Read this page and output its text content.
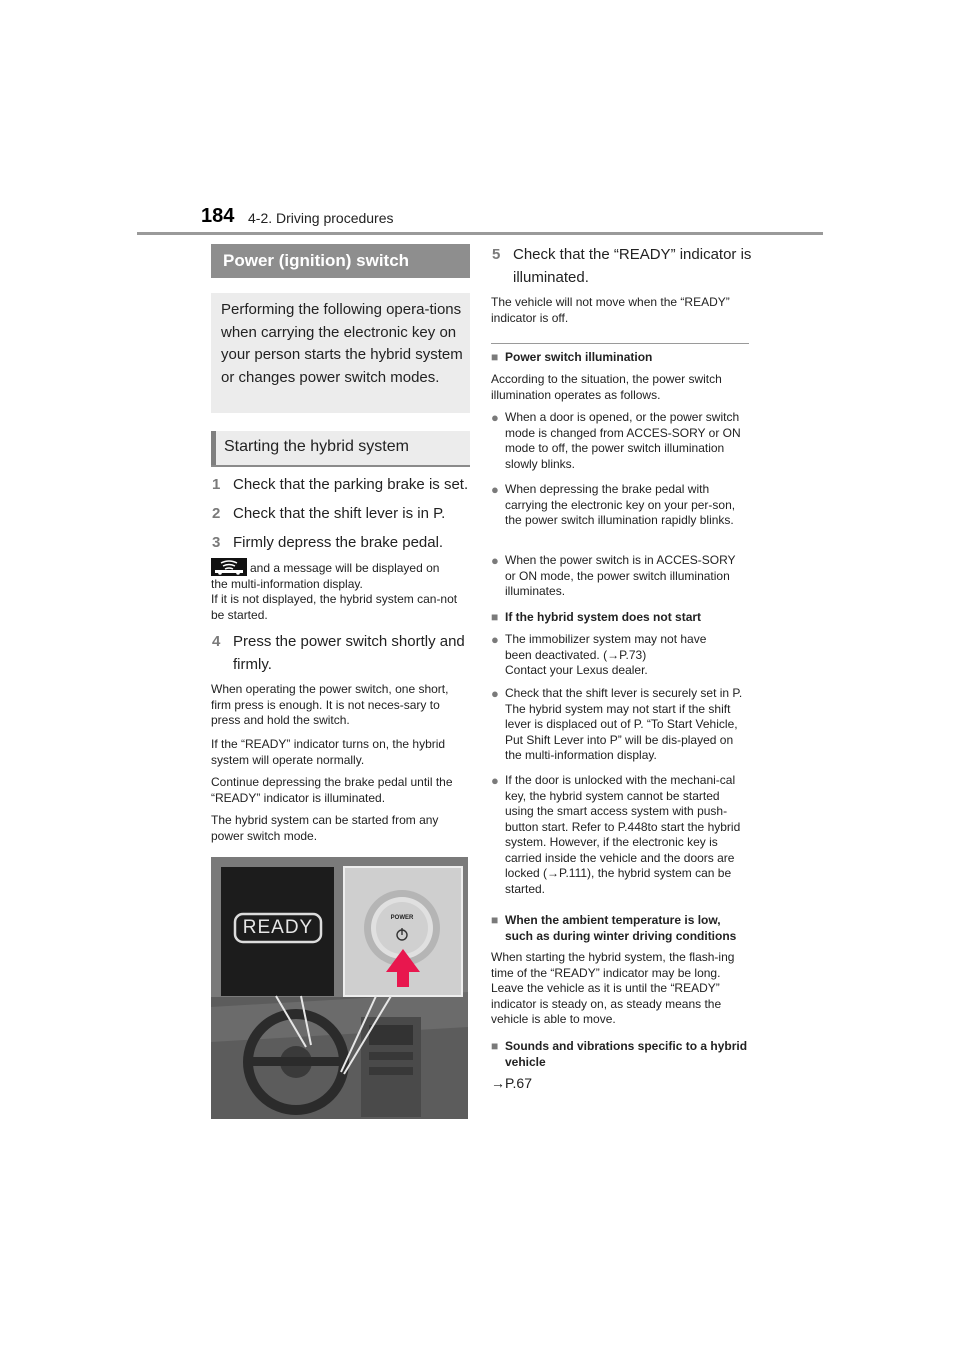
184 4-2. Driving procedures
Power (ignition) switch

Performing the following opera-tions when carrying the electronic key on your person starts the hybrid system or changes power switch modes.

Starting the hybrid system
1 Check that the parking brake is set.
2 Check that the shift lever is in P.
3 Firmly depress the brake pedal.
and a message will be displayed on
the multi-information display.
If it is not displayed, the hybrid system can-not be started.
4 Press the power switch shortly and firmly.
When operating the power switch, one short, firm press is enough. It is not neces-sary to press and hold the switch.
If the “READY” indicator turns on, the hybrid system will operate normally.
Continue depressing the brake pedal until the “READY” indicator is illuminated.
The hybrid system can be started from any power switch mode.
READY	POWER
5 Check that the “READY” indicator is illuminated.
The vehicle will not move when the “READY” indicator is off.
■ Power switch illumination
According to the situation, the power switch illumination operates as follows.
● When a door is opened, or the power switch mode is changed from ACCES-SORY or ON mode to off, the power switch illumination slowly blinks.
● When depressing the brake pedal with carrying the electronic key on your per-son, the power switch illumination rapidly blinks.
● When the power switch is in ACCES-SORY or ON mode, the power switch illumination illuminates.
■ If the hybrid system does not start
● The immobilizer system may not have
been deactivated. (→P.73)
Contact your Lexus dealer.
● Check that the shift lever is securely set in P. The hybrid system may not start if the shift lever is displaced out of P. “To Start Vehicle, Put Shift Lever into P” will be dis-played on the multi-information display.
● If the door is unlocked with the mechani-cal key, the hybrid system cannot be started using the smart access system with push-button start. Refer to P.448to start the hybrid system. However, if the electronic key is carried inside the vehicle and the doors are locked (→P.111), the hybrid system can be started.
■ When the ambient temperature is low, such as during winter driving conditions
When starting the hybrid system, the flash-ing time of the “READY” indicator may be long. Leave the vehicle as it is until the “READY” indicator is steady on, as steady means the vehicle is able to move.
■ Sounds and vibrations specific to a hybrid vehicle
→P.67
